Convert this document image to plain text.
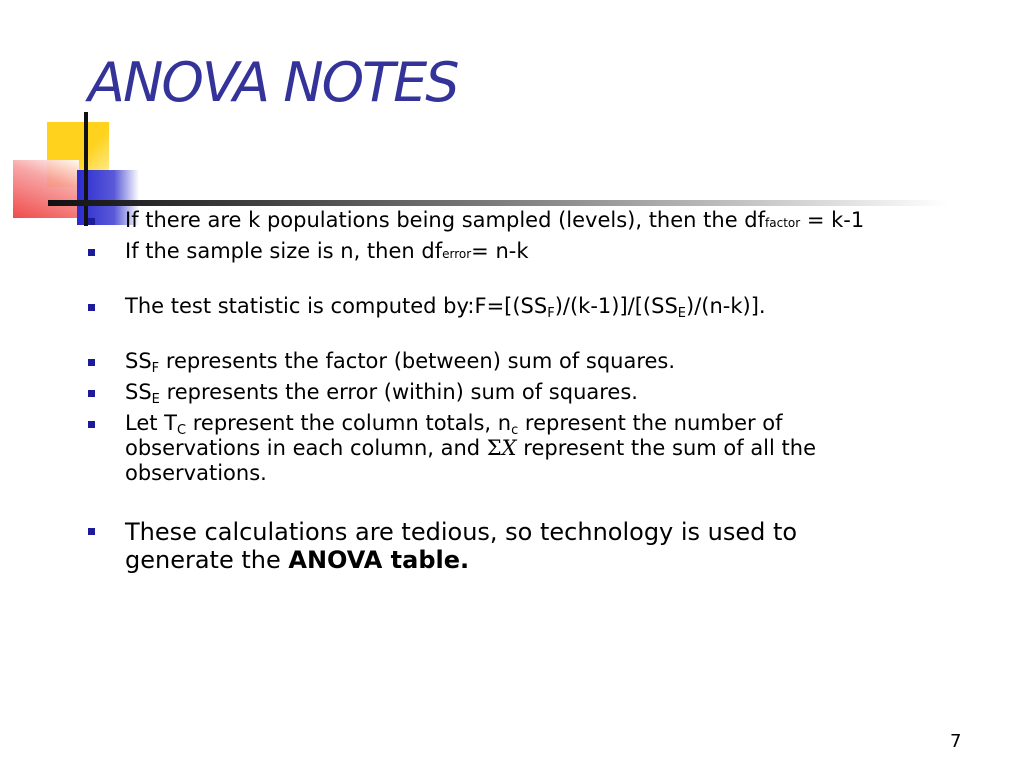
ANOVA NOTES
If there are k populations being sampled (levels), then the dffactor = k-1
If the sample size is n, then dferror= n-k
The test statistic is computed $by:F=[(SS_F)/(k-1)]/[(SS_E)/(n-k)]$.
$SS_F$ represents the factor (between) sum of squares.
$SS_E$ represents the error (within) sum of squares.
Let $T_C$ represent the column totals, $n_c$ represent the number of
observations in each column, and ΣX represent the sum of all the
observations.
These calculations are tedious, so technology is used to
generate the ANOVA table.
7
